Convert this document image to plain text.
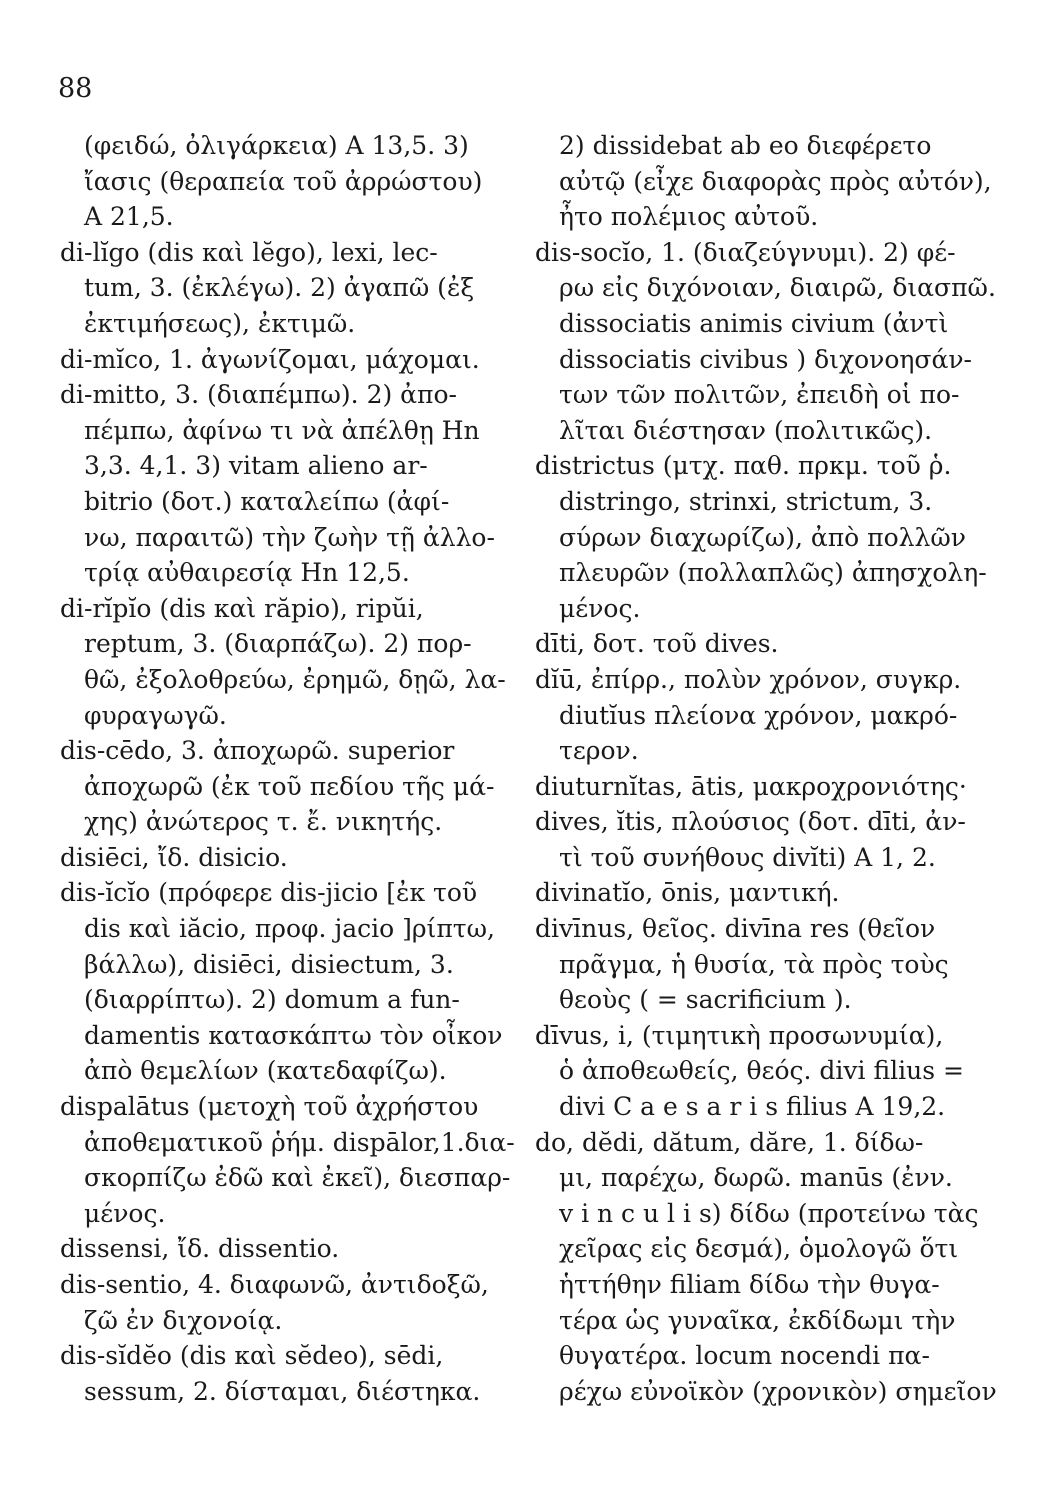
88
(φειδώ, ὀλιγάρκεια) Α 13,5. 3)
ἴασις (θεραπεία τοῦ ἀρρώστου)
Α 21,5.
di-lĭgo (dis καὶ lĕgo), lexi, lec-
tum, 3. (ἐκλέγω). 2) ἀγαπῶ (ἐξ
ἐκτιμήσεως), ἐκτιμῶ.
di-mĭco, 1. ἀγωνίζομαι, μάχομαι.
di-mitto, 3. (διαπέμπω). 2) ἀπο-
πέμπω, ἀφίνω τι νὰ ἀπέλθῃ Hn
3,3. 4,1. 3) vitam alieno ar-
bitrio (δοτ.) καταλείπω (ἀφί-
νω, παραιτῶ) τὴν ζωὴν τῇ ἀλλο-
τρίᾳ αὐθαιρεσίᾳ Hn 12,5.
di-rĭpĭo (dis καὶ răpio), ripŭi,
reptum, 3. (διαρπάζω). 2) πορ-
θῶ, ἐξολοθρεύω, ἐρημῶ, δῃῶ, λα-
φυραγωγῶ.
dis-cēdo, 3. ἀποχωρῶ. superior
ἀποχωρῶ (ἐκ τοῦ πεδίου τῆς μά-
χης) ἀνώτερος τ. ἔ. νικητής.
disiēci, ἴδ. disicio.
dis-ĭcĭo (πρόφερε dis-jicio [ἐκ τοῦ
dis καὶ iăcio, προφ. jacio ]ρίπτω,
βάλλω), disiēci, disiectum, 3.
(διαρρίπτω). 2) domum a fun-
damentis κατασκάπτω τὸν οἶκον
ἀπὸ θεμελίων (κατεδαφίζω).
dispalātus (μετοχὴ τοῦ ἀχρήστου
ἀποθεματικοῦ ῥήμ. dispālor,1.δια-
σκορπίζω ἐδῶ καὶ ἐκεῖ), διεσπαρ-
μένος.
dissensi, ἴδ. dissentio.
dis-sentio, 4. διαφωνῶ, ἀντιδοξῶ,
ζῶ ἐν διχονοίᾳ.
dis-sĭdĕo (dis καὶ sĕdeo), sēdi,
sessum, 2. δίσταμαι, διέστηκα.
2) dissidebat ab eo διεφέρετο
αὐτῷ (εἶχε διαφορὰς πρὸς αὐτόν),
ἦτο πολέμιος αὐτοῦ.
dis-socĭo, 1. (διαζεύγνυμι). 2) φέ-
ρω εἰς διχόνοιαν, διαιρῶ, διασπῶ.
dissociatis animis civium (ἀντὶ
dissociatis civibus ) διχονοησάν-
των τῶν πολιτῶν, ἐπειδὴ οἱ πο-
λῖται διέστησαν (πολιτικῶς).
districtus (μτχ. παθ. πρκμ. τοῦ ῥ.
distringo, strinxi, strictum, 3.
σύρων διαχωρίζω), ἀπὸ πολλῶν
πλευρῶν (πολλαπλῶς) ἀπησχολη-
μένος.
dīti, δοτ. τοῦ dives.
dĭū, ἐπίρρ., πολὺν χρόνον, συγκρ.
diutĭus πλείονα χρόνον, μακρό-
τερον.
diuturnĭtas, ātis, μακροχρονιότης·
dives, ĭtis, πλούσιος (δοτ. dīti, ἀν-
τὶ τοῦ συνήθους divĭti) Α 1, 2.
divinatĭo, ōnis, μαντική.
divīnus, θεῖος. divīna res (θεῖον
πρᾶγμα, ἡ θυσία, τὰ πρὸς τοὺς
θεοὺς ( = sacrificium ).
dīvus, i, (τιμητικὴ προσωνυμία),
ὁ ἀποθεωθείς, θεός. divi filius =
divi C a e s a r i s filius Α 19,2.
do, dĕdi, dătum, dăre, 1. δίδω-
μι, παρέχω, δωρῶ. manūs (ἐνν.
v i n c u l i s) δίδω (προτείνω τὰς
χεῖρας εἰς δεσμά), ὁμολογῶ ὅτι
ἡττήθην filiam δίδω τὴν θυγα-
τέρα ὡς γυναῖκα, ἐκδίδωμι τὴν
θυγατέρα. locum nocendi πα-
ρέχω εὐνοϊκὸν (χρονικὸν) σημεῖον
